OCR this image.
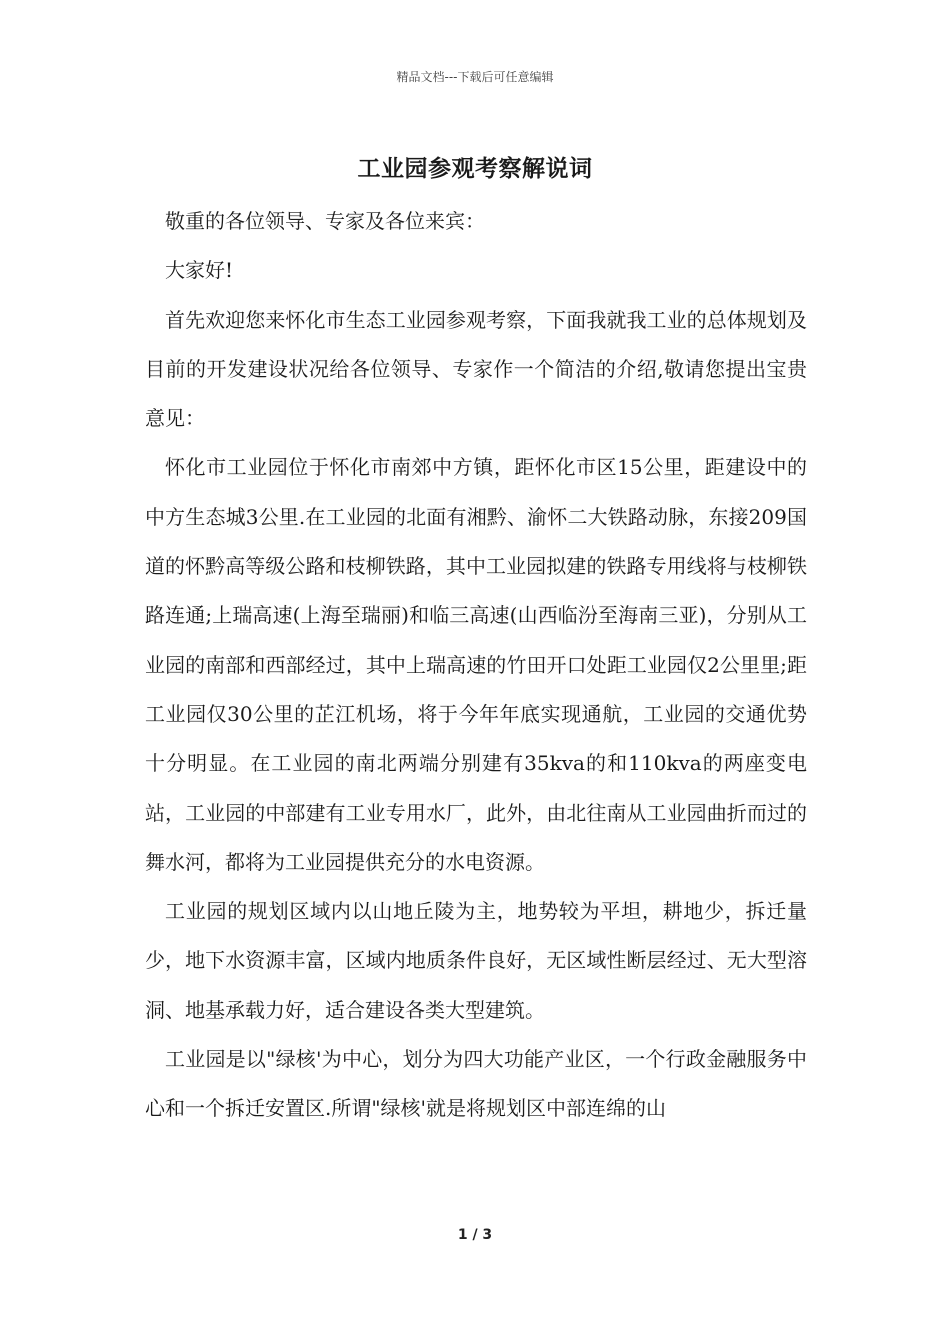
精品文档---下载后可任意编辑
工业园参观考察解说词

敬重的各位领导、专家及各位来宾：

大家好!

首先欢迎您来怀化市生态工业园参观考察，下面我就我工业的总体规划及目前的开发建设状况给各位领导、专家作一个简洁的介绍,敬请您提出宝贵意见：

怀化市工业园位于怀化市南郊中方镇，距怀化市区15公里，距建设中的中方生态城3公里.在工业园的北面有湘黔、渝怀二大铁路动脉，东接209国道的怀黔高等级公路和枝柳铁路，其中工业园拟建的铁路专用线将与枝柳铁路连通;上瑞高速(上海至瑞丽)和临三高速(山西临汾至海南三亚)，分别从工业园的南部和西部经过，其中上瑞高速的竹田开口处距工业园仅2公里里;距工业园仅30公里的芷江机场，将于今年年底实现通航，工业园的交通优势十分明显。在工业园的南北两端分别建有35kva的和110kva的两座变电站，工业园的中部建有工业专用水厂，此外，由北往南从工业园曲折而过的舞水河，都将为工业园提供充分的水电资源。

工业园的规划区域内以山地丘陵为主，地势较为平坦，耕地少，拆迁量少，地下水资源丰富，区域内地质条件良好，无区域性断层经过、无大型溶洞、地基承载力好，适合建设各类大型建筑。

工业园是以"绿核'为中心，划分为四大功能产业区，一个行政金融服务中心和一个拆迁安置区.所谓"绿核'就是将规划区中部连绵的山

1 / 3
